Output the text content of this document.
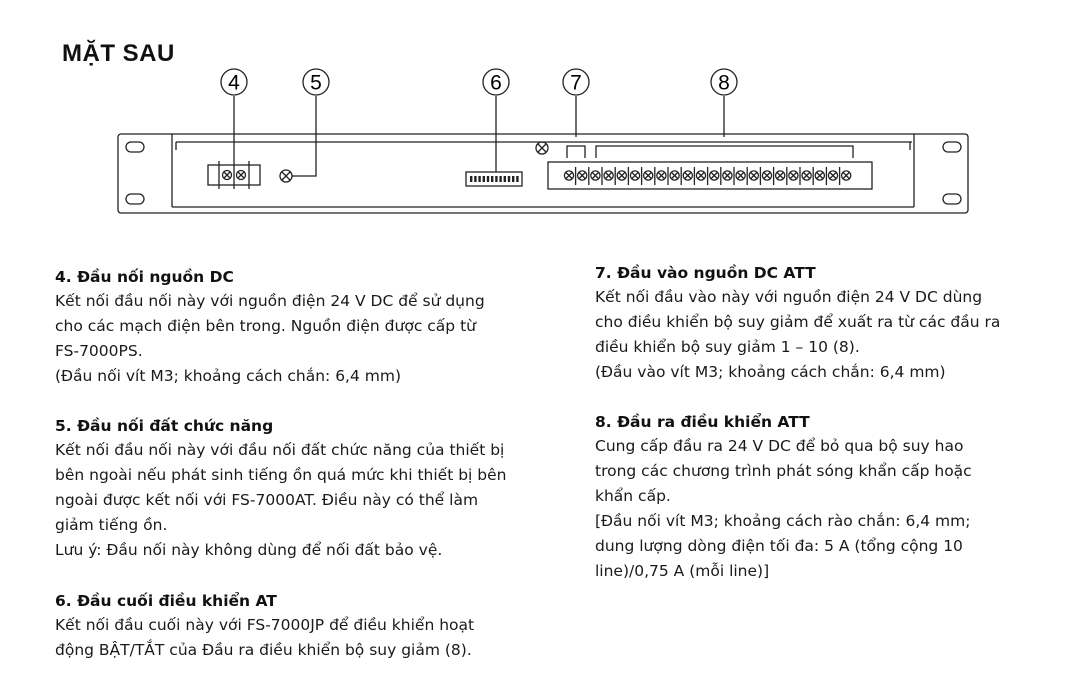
MẶT SAU
4	5	6	7	8
4. Đầu nối nguồn DC

Kết nối đầu nối này với nguồn điện 24 V DC để sử dụng

cho các mạch điện bên trong. Nguồn điện được cấp từ

FS-7000PS.

(Đầu nối vít M3; khoảng cách chắn: 6,4 mm)

5. Đầu nối đất chức năng

Kết nối đầu nối này với đầu nối đất chức năng của thiết bị

bên ngoài nếu phát sinh tiếng ồn quá mức khi thiết bị bên

ngoài được kết nối với FS-7000AT. Điều này có thể làm

giảm tiếng ồn.

Lưu ý: Đầu nối này không dùng để nối đất bảo vệ.

6. Đầu cuối điều khiển AT

Kết nối đầu cuối này với FS-7000JP để điều khiển hoạt

động BẬT/TẮT của Đầu ra điều khiển bộ suy giảm (8).

7. Đầu vào nguồn DC ATT

Kết nối đầu vào này với nguồn điện 24 V DC dùng

cho điều khiển bộ suy giảm để xuất ra từ các đầu ra

điều khiển bộ suy giảm 1 – 10 (8).

(Đầu vào vít M3; khoảng cách chắn: 6,4 mm)

8. Đầu ra điều khiển ATT

Cung cấp đầu ra 24 V DC để bỏ qua bộ suy hao

trong các chương trình phát sóng khẩn cấp hoặc

khẩn cấp.

[Đầu nối vít M3; khoảng cách rào chắn: 6,4 mm;

dung lượng dòng điện tối đa: 5 A (tổng cộng 10

line)/0,75 A (mỗi line)]
